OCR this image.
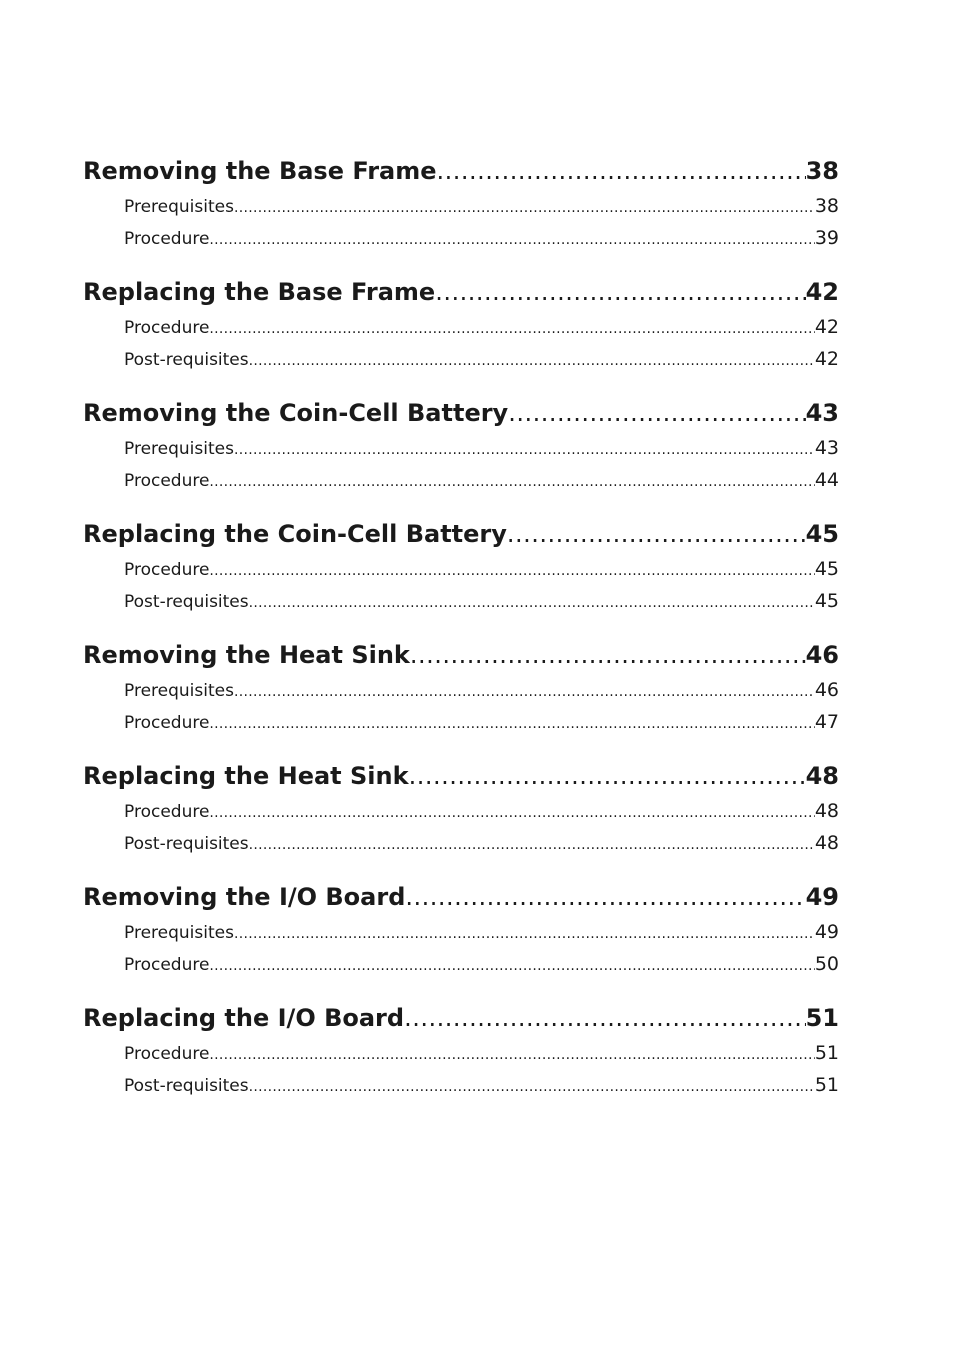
Removing the Base Frame .....	38
Prerequisites .....	38
Procedure .....	39
Replacing the Base Frame .....	42
Procedure .....	42
Post-requisites .....	42
Removing the Coin-Cell Battery .....	43
Prerequisites .....	43
Procedure .....	44
Replacing the Coin-Cell Battery .....	45
Procedure .....	45
Post-requisites .....	45
Removing the Heat Sink .....	46
Prerequisites .....	46
Procedure .....	47
Replacing the Heat Sink .....	48
Procedure .....	48
Post-requisites .....	48
Removing the I/O Board .....	49
Prerequisites .....	49
Procedure .....	50
Replacing the I/O Board .....	51
Procedure .....	51
Post-requisites .....	51
